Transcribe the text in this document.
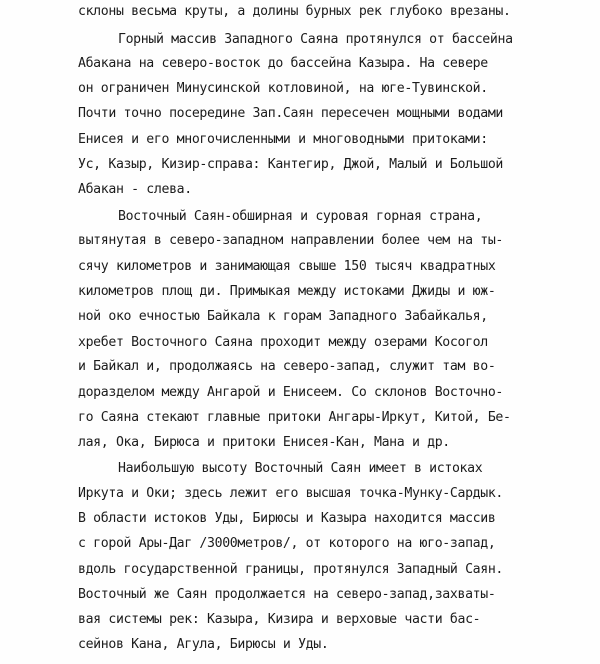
склоны весьма круты, а долины бурных рек глубоко врезаны.
Горный массив Западного Саяна протянулся от бассейна
Абакана на северо-восток до бассейна Казыра. На севере
он ограничен Минусинской котловиной, на юге-Тувинской.
Почти точно посередине Зап.Саян пересечен мощными водами
Енисея и его многочисленными и многоводными притоками:
Ус, Казыр, Кизир-справа: Кантегир, Джой, Малый и Большой
Абакан - слева.
Восточный Саян-обширная и суровая горная страна,
вытянутая в северо-западном направлении более чем на ты-
сячу километров и занимающая свыше 150 тысяч квадратных
километров площ ди. Примыкая между истоками Джиды и юж-
ной око ечностью Байкала к горам Западного Забайкалья,
хребет Восточного Саяна проходит между озерами Косогол
и Байкал и, продолжаясь на северо-запад, служит там во-
доразделом между Ангарой и Енисеем. Со склонов Восточно-
го Саяна стекают главные притоки Ангары-Иркут, Китой, Бе-
лая, Ока, Бирюса и притоки Енисея-Кан, Мана и др.
Наибольшую высоту Восточный Саян имеет в истоках
Иркута и Оки; здесь лежит его высшая точка-Мунку-Сардык.
В области истоков Уды, Бирюсы и Казыра находится массив
с горой Ары-Даг /3000метров/, от которого на юго-запад,
вдоль государственной границы, протянулся Западный Саян.
Восточный же Саян продолжается на северо-запад,захваты-
вая системы рек: Казыра, Кизира и верховые части бас-
сейнов Кана, Агула, Бирюсы и Уды.
